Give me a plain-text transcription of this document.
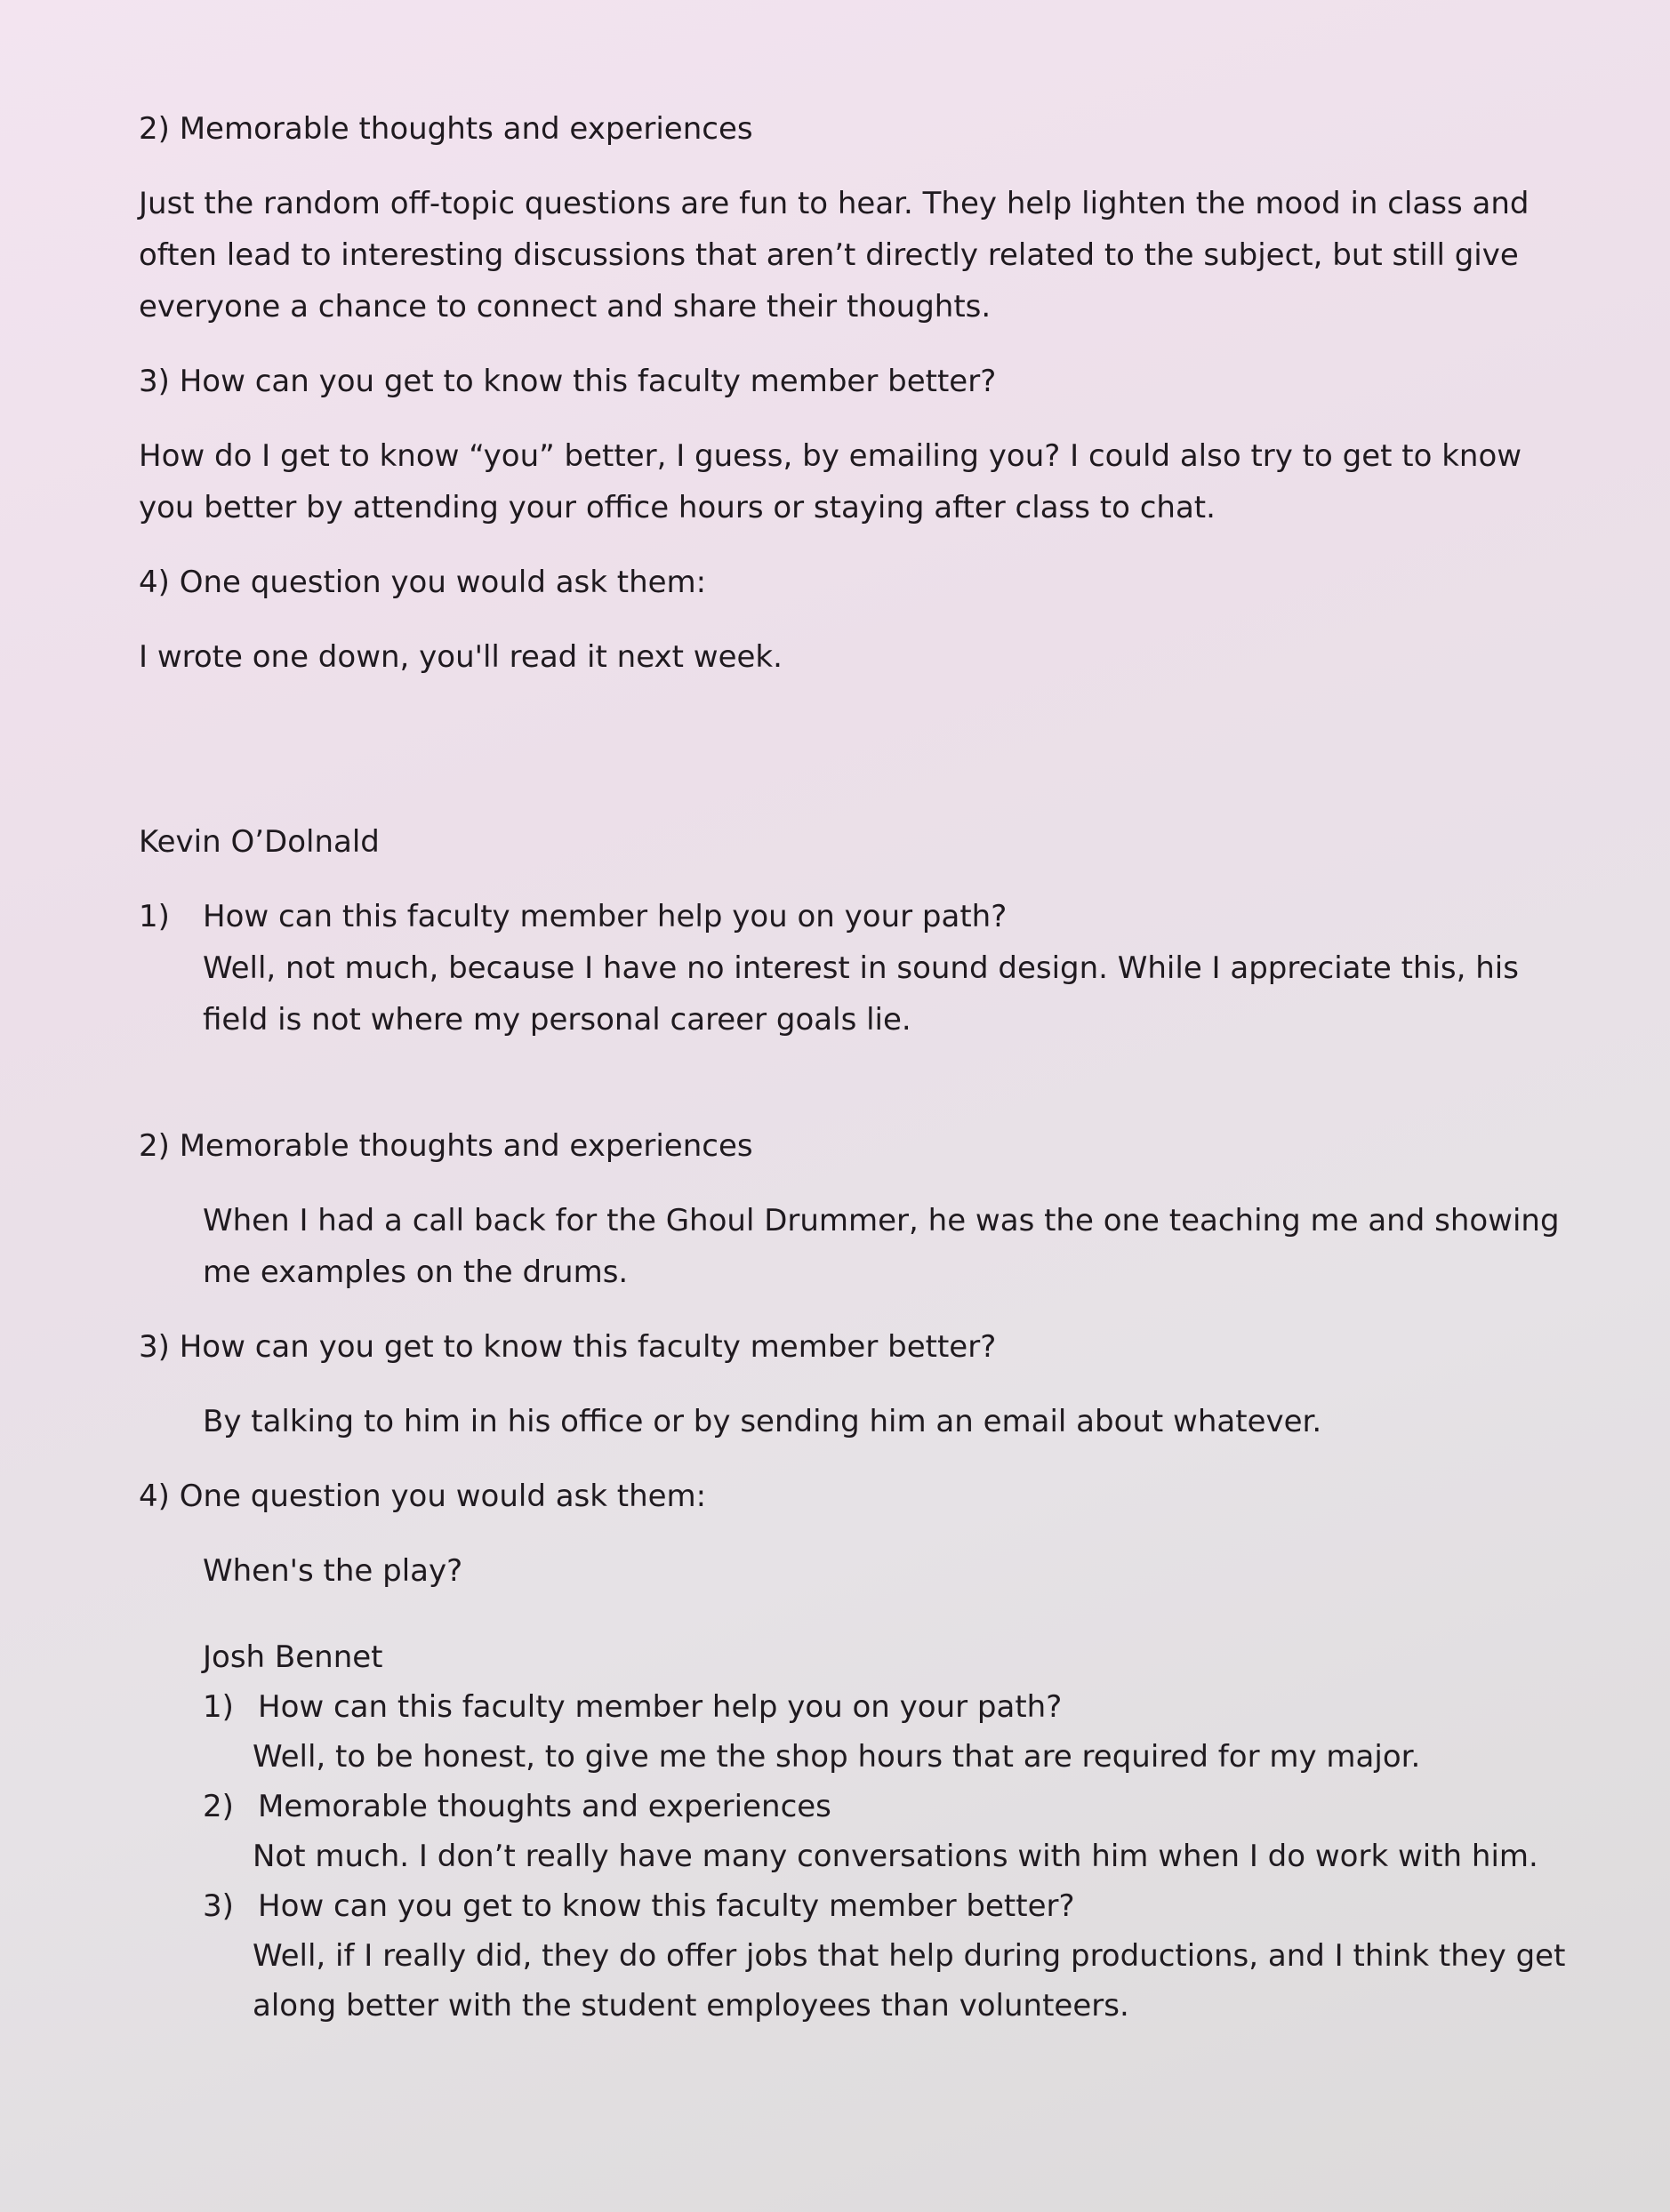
2) Memorable thoughts and experiences

Just the random off-topic questions are fun to hear. They help lighten the mood in class and often lead to interesting discussions that aren’t directly related to the subject, but still give everyone a chance to connect and share their thoughts.

3) How can you get to know this faculty member better?

How do I get to know “you” better, I guess, by emailing you? I could also try to get to know you better by attending your office hours or staying after class to chat.

4) One question you would ask them:

I wrote one down, you'll read it next week.

Kevin O’Dolnald

1)	How can this faculty member help you on your path?

Well, not much, because I have no interest in sound design. While I appreciate this, his field is not where my personal career goals lie.

2) Memorable thoughts and experiences

When I had a call back for the Ghoul Drummer, he was the one teaching me and showing me examples on the drums.

3) How can you get to know this faculty member better?

By talking to him in his office or by sending him an email about whatever.

4) One question you would ask them:

When's the play?

Josh Bennet

1) How can this faculty member help you on your path?

Well, to be honest, to give me the shop hours that are required for my major.

2) Memorable thoughts and experiences

Not much. I don’t really have many conversations with him when I do work with him.

3) How can you get to know this faculty member better?

Well, if I really did, they do offer jobs that help during productions, and I think they get along better with the student employees than volunteers.
